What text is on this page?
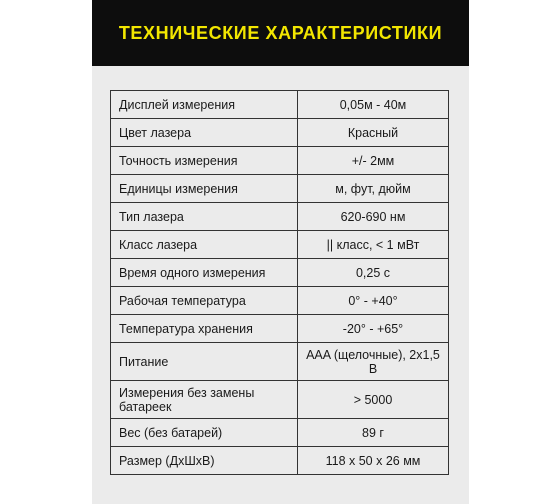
ТЕХНИЧЕСКИЕ ХАРАКТЕРИСТИКИ
Дисплей измерения	0,05м - 40м
Цвет лазера	Красный
Точность измерения	+/- 2мм
Единицы измерения	м, фут, дюйм
Тип лазера	620-690 нм
Класс лазера	|| класс, < 1 мВт
Время одного измерения	0,25 с
Рабочая температура	0° - +40°
Температура хранения	-20° - +65°
Питание	AAA (щелочные), 2х1,5 В
Измерения без замены батареек	> 5000
Вес (без батарей)	89 г
Размер (ДхШхВ)	118 х 50 х 26 мм
